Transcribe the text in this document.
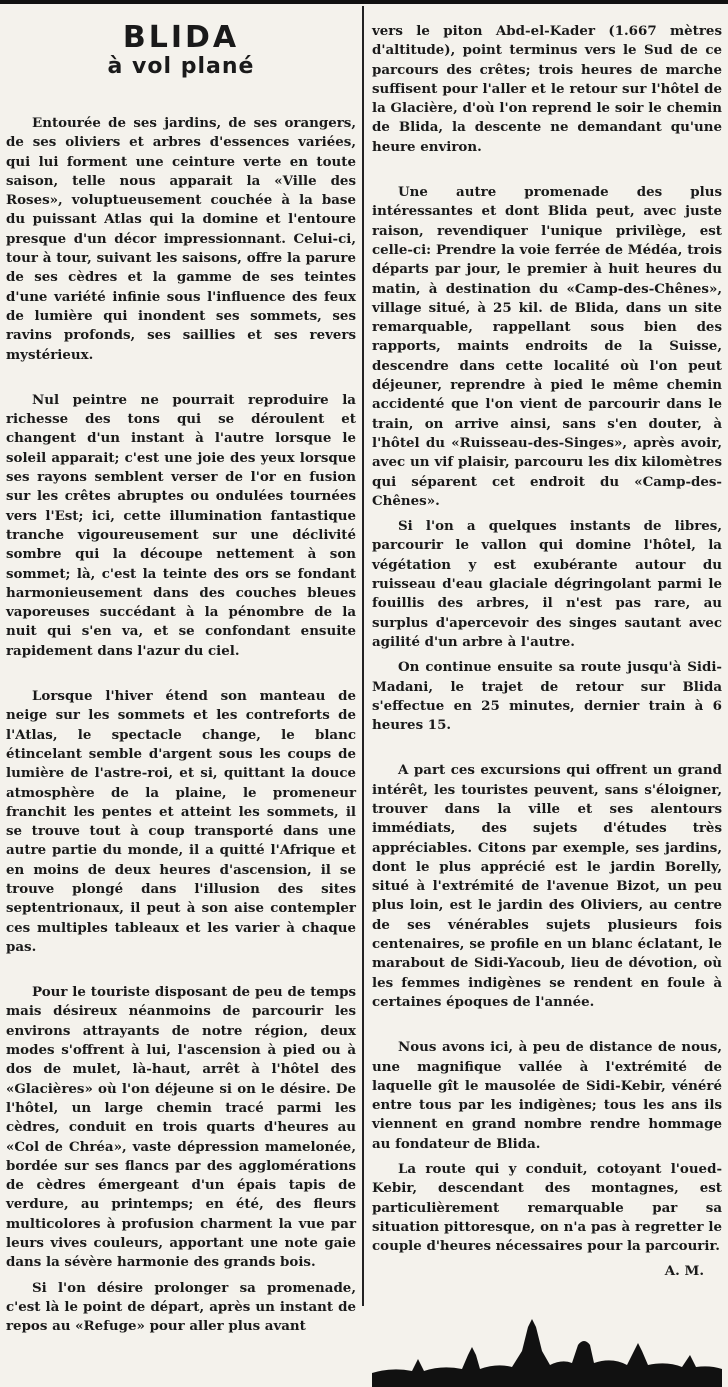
BLIDA
à vol plané

Entourée de ses jardins, de ses orangers, de ses oliviers et arbres d'essences variées, qui lui forment une ceinture verte en toute saison, telle nous apparait la «Ville des Roses», voluptueusement couchée à la base du puissant Atlas qui la domine et l'entoure presque d'un décor impressionnant. Celui-ci, tour à tour, suivant les saisons, offre la parure de ses cèdres et la gamme de ses teintes d'une variété infinie sous l'influence des feux de lumière qui inondent ses sommets, ses ravins profonds, ses saillies et ses revers mystérieux.

Nul peintre ne pourrait reproduire la richesse des tons qui se déroulent et changent d'un instant à l'autre lorsque le soleil apparait; c'est une joie des yeux lorsque ses rayons semblent verser de l'or en fusion sur les crêtes abruptes ou ondulées tournées vers l'Est; ici, cette illumination fantastique tranche vigoureusement sur une déclivité sombre qui la découpe nettement à son sommet; là, c'est la teinte des ors se fondant harmonieusement dans des couches bleues vaporeuses succédant à la pénombre de la nuit qui s'en va, et se confondant ensuite rapidement dans l'azur du ciel.

Lorsque l'hiver étend son manteau de neige sur les sommets et les contreforts de l'Atlas, le spectacle change, le blanc étincelant semble d'argent sous les coups de lumière de l'astre-roi, et si, quittant la douce atmosphère de la plaine, le promeneur franchit les pentes et atteint les sommets, il se trouve tout à coup transporté dans une autre partie du monde, il a quitté l'Afrique et en moins de deux heures d'ascension, il se trouve plongé dans l'illusion des sites septentrionaux, il peut à son aise contempler ces multiples tableaux et les varier à chaque pas.

Pour le touriste disposant de peu de temps mais désireux néanmoins de parcourir les environs attrayants de notre région, deux modes s'offrent à lui, l'ascension à pied ou à dos de mulet, là-haut, arrêt à l'hôtel des «Glacières» où l'on déjeune si on le désire. De l'hôtel, un large chemin tracé parmi les cèdres, conduit en trois quarts d'heures au «Col de Chréa», vaste dépression mamelonée, bordée sur ses flancs par des agglomérations de cèdres émergeant d'un épais tapis de verdure, au printemps; en été, des fleurs multicolores à profusion charment la vue par leurs vives couleurs, apportant une note gaie dans la sévère harmonie des grands bois.

Si l'on désire prolonger sa promenade, c'est là le point de départ, après un instant de repos au «Refuge» pour aller plus avant

vers le piton Abd-el-Kader (1.667 mètres d'altitude), point terminus vers le Sud de ce parcours des crêtes; trois heures de marche suffisent pour l'aller et le retour sur l'hôtel de la Glacière, d'où l'on reprend le soir le chemin de Blida, la descente ne demandant qu'une heure environ.

Une autre promenade des plus intéressantes et dont Blida peut, avec juste raison, revendiquer l'unique privilège, est celle-ci: Prendre la voie ferrée de Médéa, trois départs par jour, le premier à huit heures du matin, à destination du «Camp-des-Chênes», village situé, à 25 kil. de Blida, dans un site remarquable, rappellant sous bien des rapports, maints endroits de la Suisse, descendre dans cette localité où l'on peut déjeuner, reprendre à pied le même chemin accidenté que l'on vient de parcourir dans le train, on arrive ainsi, sans s'en douter, à l'hôtel du «Ruisseau-des-Singes», après avoir, avec un vif plaisir, parcouru les dix kilomètres qui séparent cet endroit du «Camp-des-Chênes».

Si l'on a quelques instants de libres, parcourir le vallon qui domine l'hôtel, la végétation y est exubérante autour du ruisseau d'eau glaciale dégringolant parmi le fouillis des arbres, il n'est pas rare, au surplus d'apercevoir des singes sautant avec agilité d'un arbre à l'autre.

On continue ensuite sa route jusqu'à Sidi-Madani, le trajet de retour sur Blida s'effectue en 25 minutes, dernier train à 6 heures 15.

A part ces excursions qui offrent un grand intérêt, les touristes peuvent, sans s'éloigner, trouver dans la ville et ses alentours immédiats, des sujets d'études très appréciables. Citons par exemple, ses jardins, dont le plus apprécié est le jardin Borelly, situé à l'extrémité de l'avenue Bizot, un peu plus loin, est le jardin des Oliviers, au centre de ses vénérables sujets plusieurs fois centenaires, se profile en un blanc éclatant, le marabout de Sidi-Yacoub, lieu de dévotion, où les femmes indigènes se rendent en foule à certaines époques de l'année.

Nous avons ici, à peu de distance de nous, une magnifique vallée à l'extrémité de laquelle gît le mausolée de Sidi-Kebir, vénéré entre tous par les indigènes; tous les ans ils viennent en grand nombre rendre hommage au fondateur de Blida.

La route qui y conduit, cotoyant l'oued-Kebir, descendant des montagnes, est particulièrement remarquable par sa situation pittoresque, on n'a pas à regretter le couple d'heures nécessaires pour la parcourir.

A. M.
